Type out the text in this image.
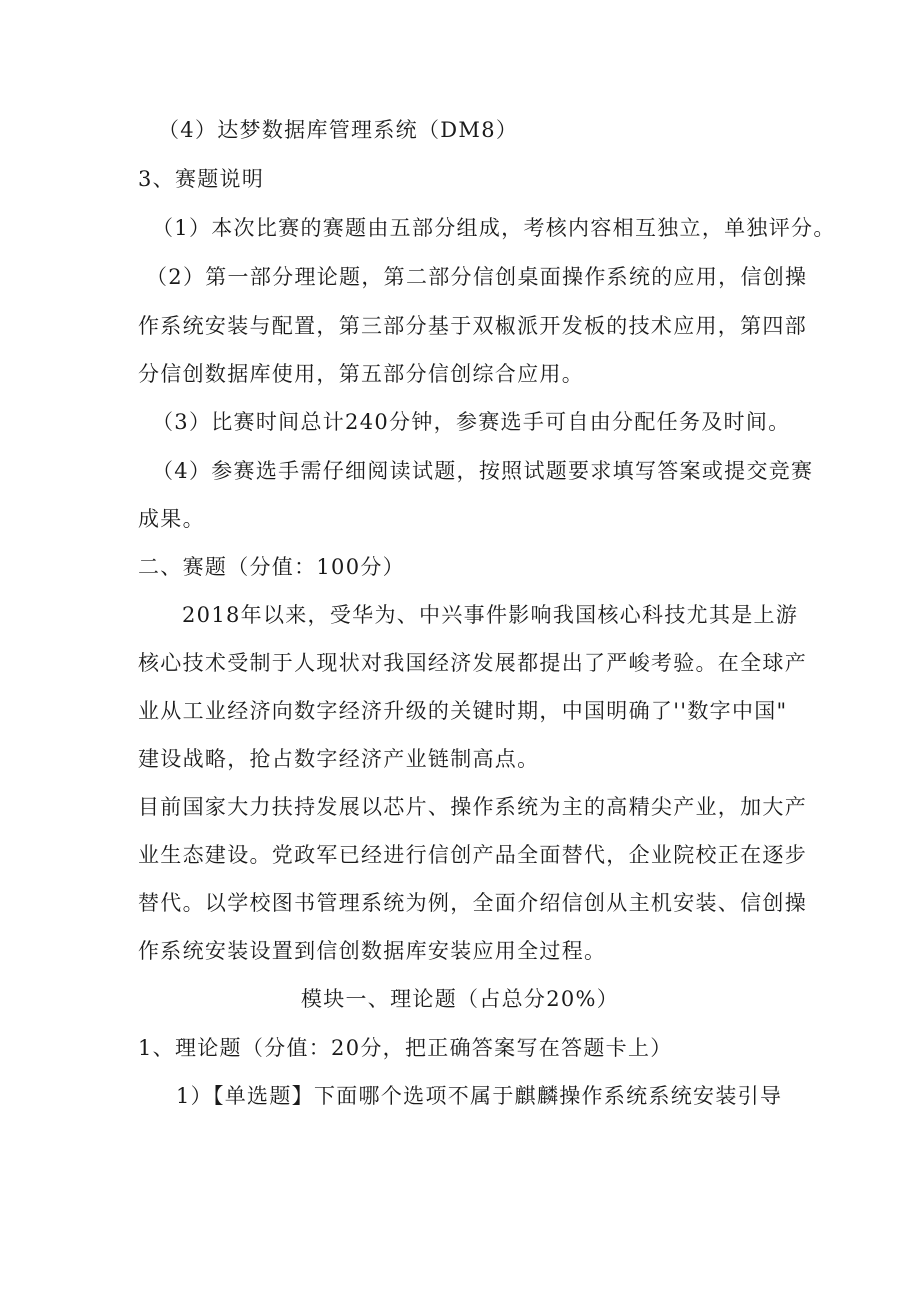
（4）达梦数据库管理系统（DM8）
3、赛题说明
（1）本次比赛的赛题由五部分组成，考核内容相互独立，单独评分。
（2）第一部分理论题，第二部分信创桌面操作系统的应用，信创操
作系统安装与配置，第三部分基于双椒派开发板的技术应用，第四部
分信创数据库使用，第五部分信创综合应用。
（3）比赛时间总计240分钟，参赛选手可自由分配任务及时间。
（4）参赛选手需仔细阅读试题，按照试题要求填写答案或提交竞赛
成果。
二、赛题（分值：100分）
2018年以来，受华为、中兴事件影响我国核心科技尤其是上游
核心技术受制于人现状对我国经济发展都提出了严峻考验。在全球产
业从工业经济向数字经济升级的关键时期，中国明确了''数字中国"
建设战略，抢占数字经济产业链制高点。
目前国家大力扶持发展以芯片、操作系统为主的高精尖产业，加大产
业生态建设。党政军已经进行信创产品全面替代，企业院校正在逐步
替代。以学校图书管理系统为例，全面介绍信创从主机安装、信创操
作系统安装设置到信创数据库安装应用全过程。
模块一、理论题（占总分20%）
1、理论题（分值：20分，把正确答案写在答题卡上）
1）【单选题】下面哪个选项不属于麒麟操作系统系统安装引导
